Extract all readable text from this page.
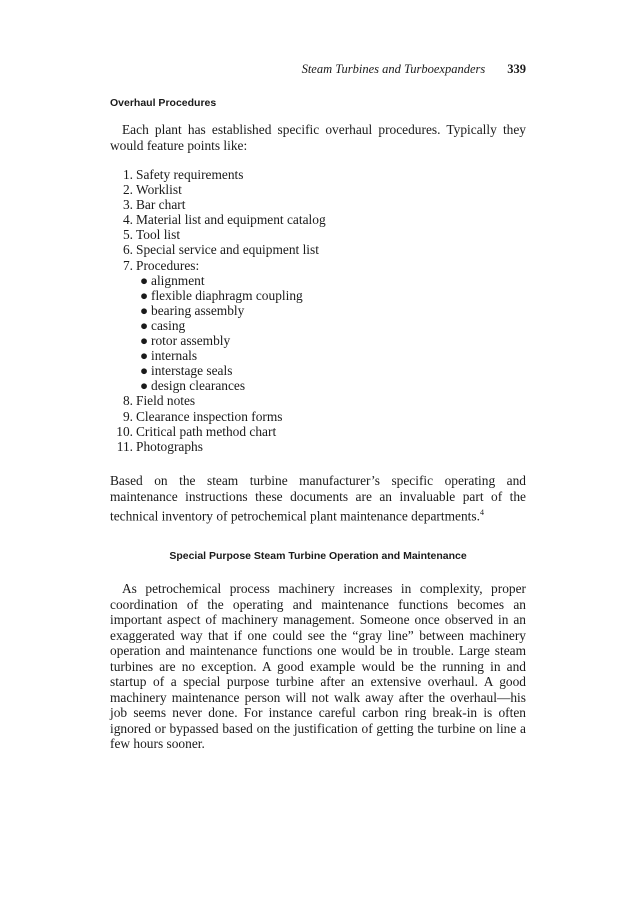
Steam Turbines and Turboexpanders 339
Overhaul Procedures

Each plant has established specific overhaul procedures. Typically they would feature points like:

1. Safety requirements
2. Worklist
3. Bar chart
4. Material list and equipment catalog
5. Tool list
6. Special service and equipment list
7. Procedures:
● alignment
● flexible diaphragm coupling
● bearing assembly
● casing
● rotor assembly
● internals
● interstage seals
● design clearances
8. Field notes
9. Clearance inspection forms
10. Critical path method chart
11. Photographs

Based on the steam turbine manufacturer’s specific operating and maintenance instructions these documents are an invaluable part of the technical inventory of petrochemical plant maintenance departments.$^4$

Special Purpose Steam Turbine Operation and Maintenance

As petrochemical process machinery increases in complexity, proper coordination of the operating and maintenance functions becomes an important aspect of machinery management. Someone once observed in an exaggerated way that if one could see the “gray line” between machinery operation and maintenance functions one would be in trouble. Large steam turbines are no exception. A good example would be the running in and startup of a special purpose turbine after an extensive overhaul. A good machinery maintenance person will not walk away after the overhaul—his job seems never done. For instance careful carbon ring break-in is often ignored or bypassed based on the justification of getting the turbine on line a few hours sooner.
